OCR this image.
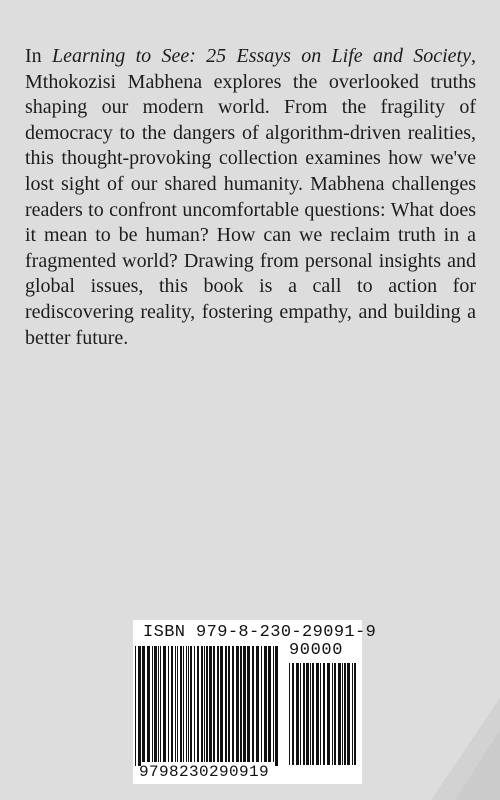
In Learning to See: 25 Essays on Life and Society, Mthokozisi Mabhena explores the overlooked truths shaping our modern world. From the fragility of democracy to the dangers of algorithm-driven realities, this thought-provoking collection examines how we've lost sight of our shared humanity. Mabhena challenges readers to confront uncomfortable questions: What does it mean to be human? How can we reclaim truth in a fragmented world? Drawing from personal insights and global issues, this book is a call to action for rediscovering reality, fostering empathy, and building a better future.

ISBN 979-8-230-29091-9
90000
9798230290919
